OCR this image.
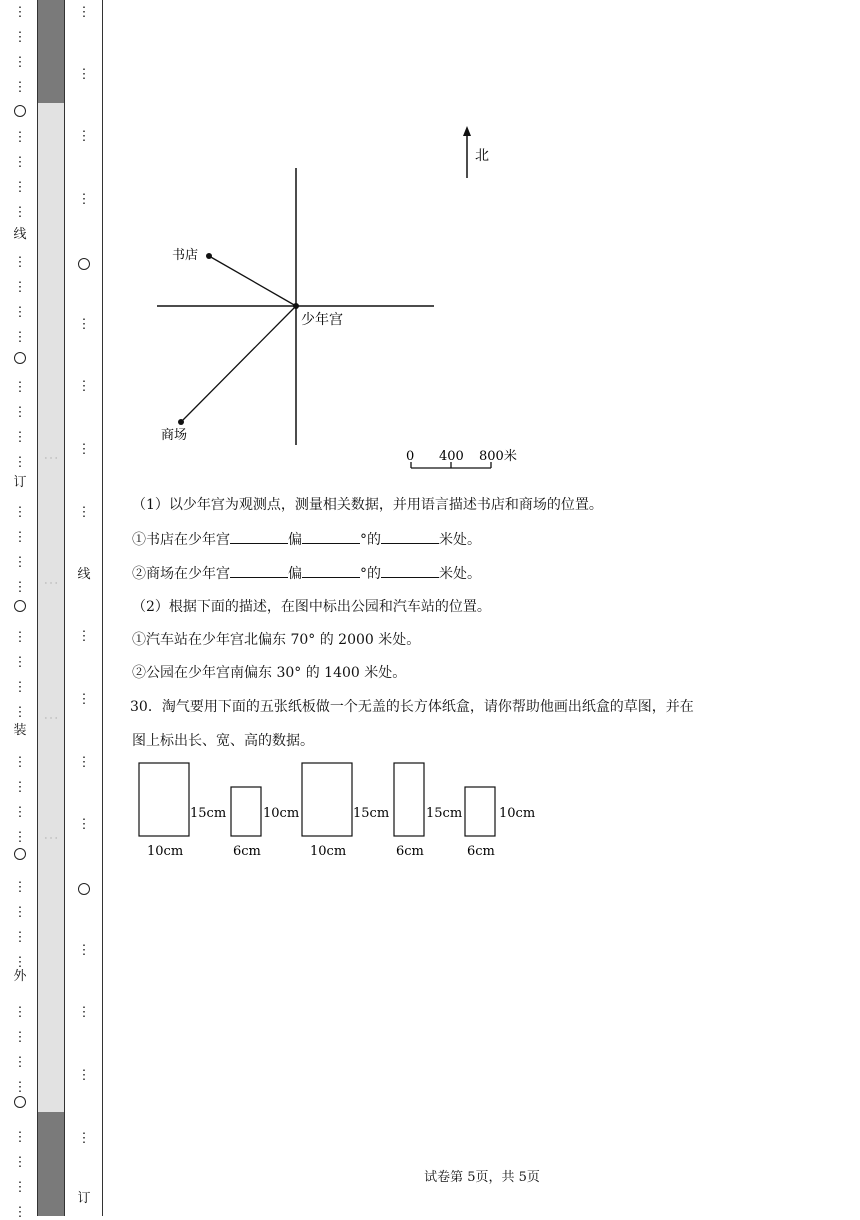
· · ·
· · ·
· · ·
· · ·
⋮
⋮
⋮
⋮
⋮
⋮
⋮
⋮
⋮
⋮
⋮
⋮
⋮
⋮
⋮
⋮
⋮
⋮
⋮
⋮
⋮
⋮
⋮
⋮
⋮
⋮
⋮
⋮
⋮
⋮
⋮
⋮
⋮
⋮
⋮
⋮
⋮
⋮
⋮
⋮
线
订
装
外
⋮
⋮
⋮
⋮
⋮
⋮
⋮
⋮
⋮
⋮
⋮
⋮
⋮
⋮
⋮
⋮
线
订
北
书店
商场
少年宫
0 400 800米
（1）以少年宫为观测点，测量相关数据，并用语言描述书店和商场的位置。
①书店在少年宫	偏	°的	米处。
②商场在少年宫	偏	°的	米处。
（2）根据下面的描述，在图中标出公园和汽车站的位置。
①汽车站在少年宫北偏东 70° 的 2000 米处。
②公园在少年宫南偏东 30° 的 1400 米处。
30．淘气要用下面的五张纸板做一个无盖的长方体纸盒，请你帮助他画出纸盒的草图，并在
图上标出长、宽、高的数据。
15cm
10cm
10cm
6cm
15cm
10cm
15cm
6cm
10cm
6cm
试卷第 5页，共 5页
